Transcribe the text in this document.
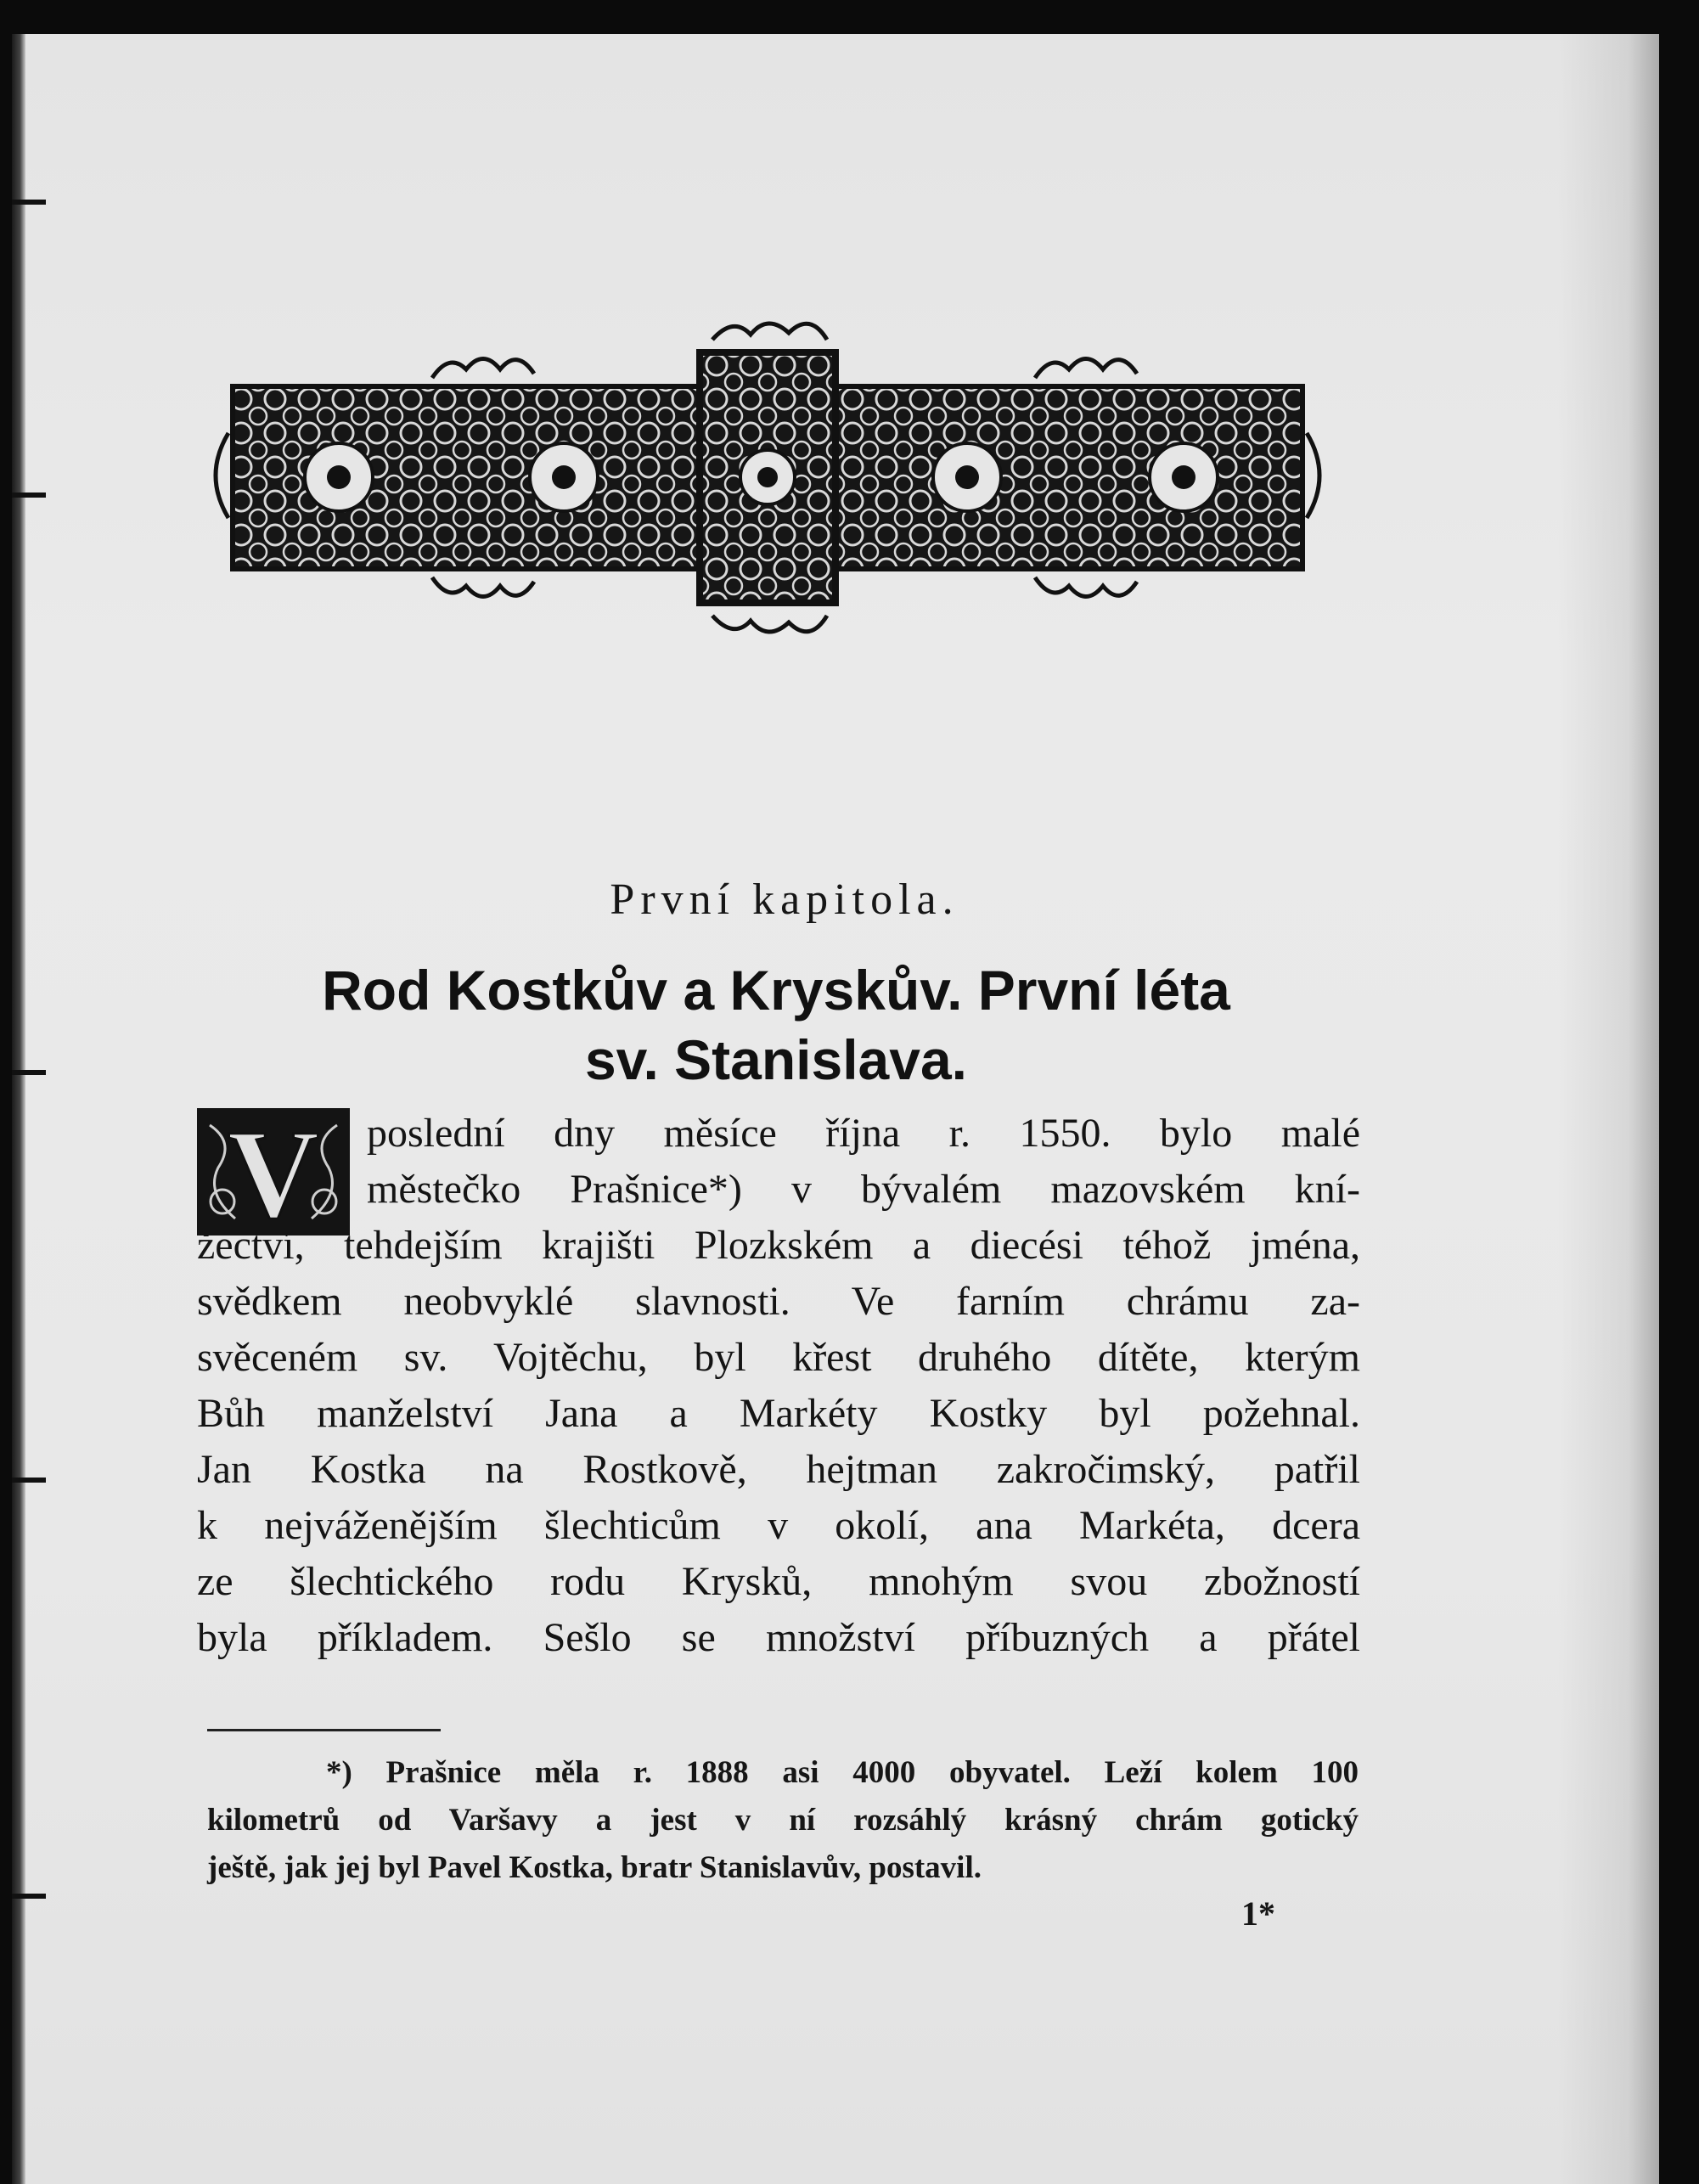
První kapitola.
Rod Kostkův a Kryskův. První léta
sv. Stanislava.
V	poslední dny měsíce října r. 1550. bylo malé
městečko Prašnice*) v bývalém mazovském kní-
žectví, tehdejším krajišti Plozkském a diecési téhož jména,
svědkem neobvyklé slavnosti. Ve farním chrámu za-
svěceném sv. Vojtěchu, byl křest druhého dítěte, kterým
Bůh manželství Jana a Markéty Kostky byl požehnal.
Jan Kostka na Rostkově, hejtman zakročimský, patřil
k nejváženějším šlechticům v okolí, ana Markéta, dcera
ze šlechtického rodu Krysků, mnohým svou zbožností
byla příkladem. Sešlo se množství příbuzných a přátel
*) Prašnice měla r. 1888 asi 4000 obyvatel. Leží kolem 100
kilometrů od Varšavy a jest v ní rozsáhlý krásný chrám gotický
ještě, jak jej byl Pavel Kostka, bratr Stanislavův, postavil.
1*
